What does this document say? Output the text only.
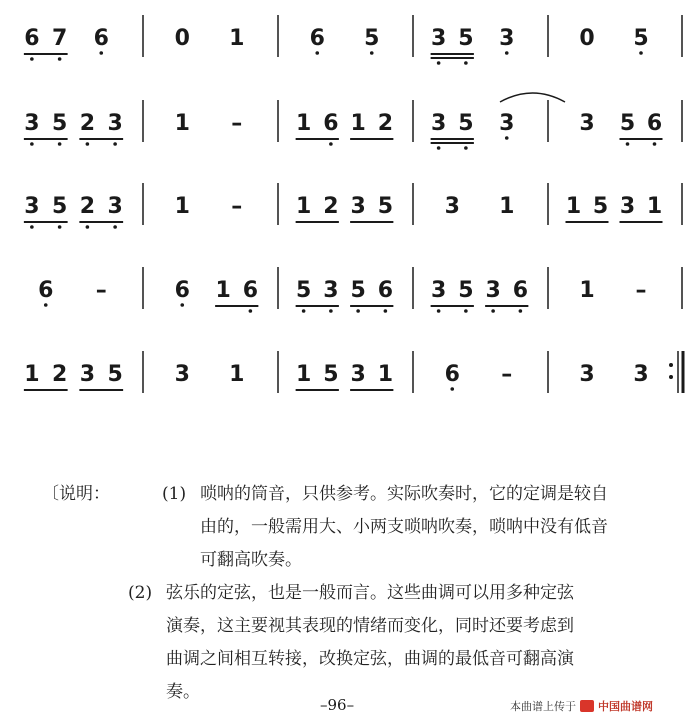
6 7 6	0 1	6 5 3 5 3	0 5
3 5 2 3 1 – 1 6 1 2 3 5 3	3 5 6
3 5 2 3 1 – 1 2 3 5 3 1 1 5 3 1
6 –	6 1 6 5 3 5 6 3 5 3 6 1 –
1 2 3 5 3 1 1 5 3 1 6 –	3 3
〔说明：	(1) 唢呐的筒音，只供参考。实际吹奏时，它的定调是较自
由的，一般需用大、小两支唢呐吹奏，唢呐中没有低音
可翻高吹奏。
(2) 弦乐的定弦，也是一般而言。这些曲调可以用多种定弦
演奏，这主要视其表现的情绪而变化，同时还要考虑到
曲调之间相互转接，改换定弦，曲调的最低音可翻高演
奏。
–96–	本曲谱上传于 中国曲谱网
